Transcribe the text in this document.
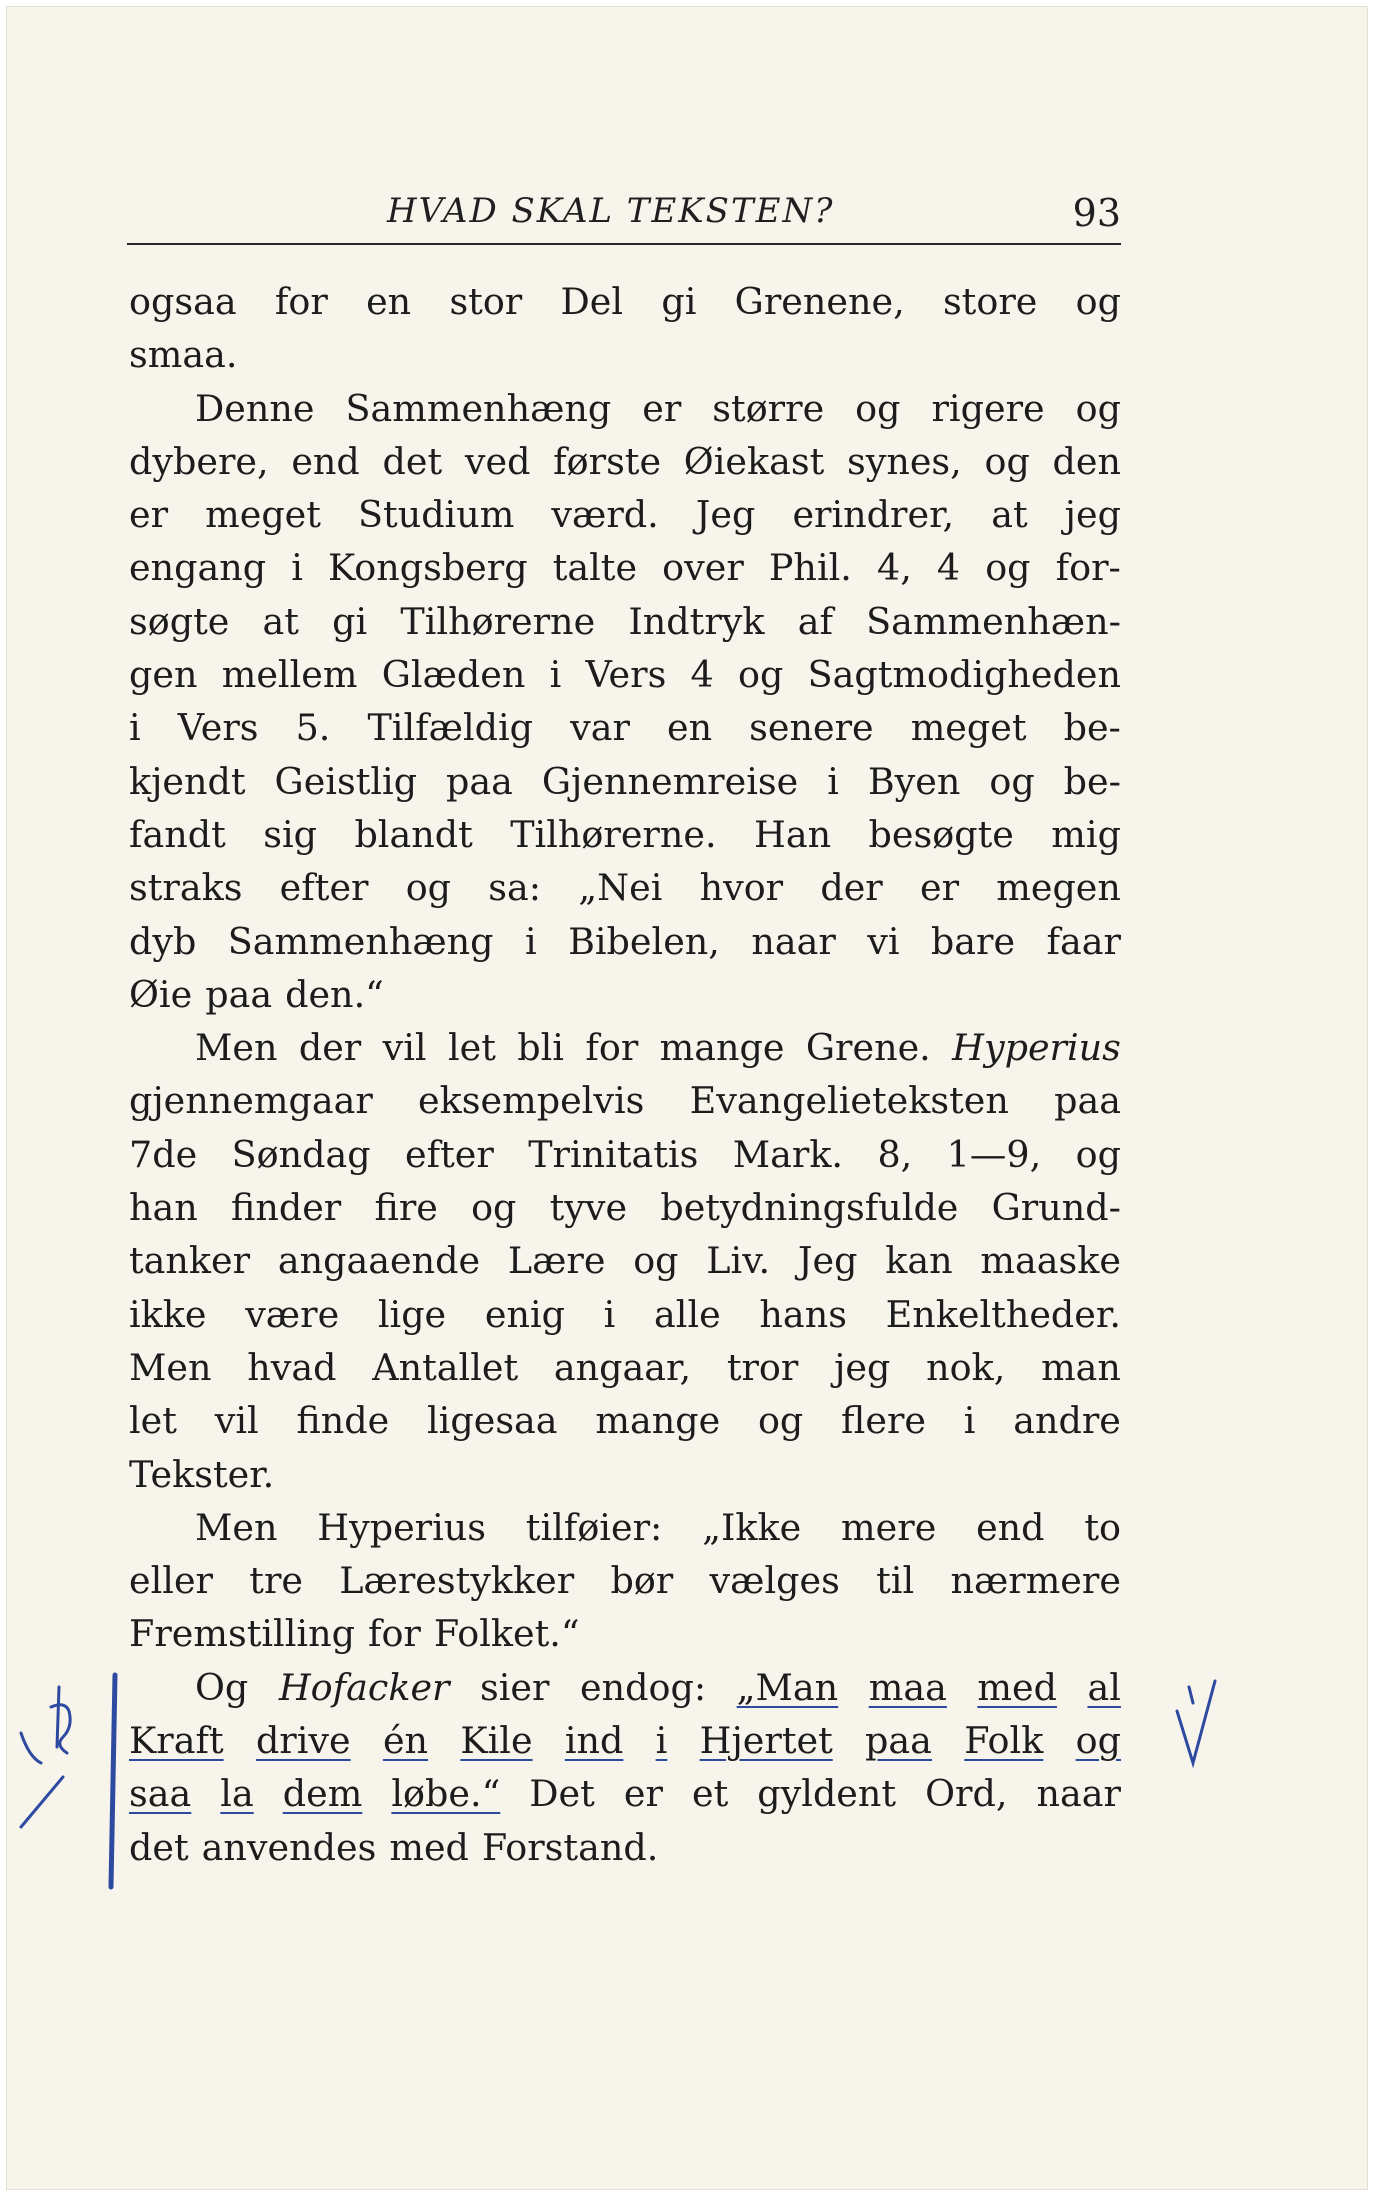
HVAD SKAL TEKSTEN?	93
ogsaa for en stor Del gi Grenene, store og
smaa.
Denne Sammenhæng er større og rigere og
dybere, end det ved første Øiekast synes, og den
er meget Studium værd. Jeg erindrer, at jeg
engang i Kongsberg talte over Phil. 4, 4 og for-
søgte at gi Tilhørerne Indtryk af Sammenhæn-
gen mellem Glæden i Vers 4 og Sagtmodigheden
i Vers 5. Tilfældig var en senere meget be-
kjendt Geistlig paa Gjennemreise i Byen og be-
fandt sig blandt Tilhørerne. Han besøgte mig
straks efter og sa: „Nei hvor der er megen
dyb Sammenhæng i Bibelen, naar vi bare faar
Øie paa den.“
Men der vil let bli for mange Grene. Hyperius
gjennemgaar eksempelvis Evangelieteksten paa
7de Søndag efter Trinitatis Mark. 8, 1—9, og
han finder fire og tyve betydningsfulde Grund-
tanker angaaende Lære og Liv. Jeg kan maaske
ikke være lige enig i alle hans Enkeltheder.
Men hvad Antallet angaar, tror jeg nok, man
let vil finde ligesaa mange og flere i andre
Tekster.
Men Hyperius tilføier: „Ikke mere end to
eller tre Lærestykker bør vælges til nærmere
Fremstilling for Folket.“
Og Hofacker sier endog: „Man maa med al
Kraft drive én Kile ind i Hjertet paa Folk og
saa la dem løbe.“ Det er et gyldent Ord, naar
det anvendes med Forstand.
